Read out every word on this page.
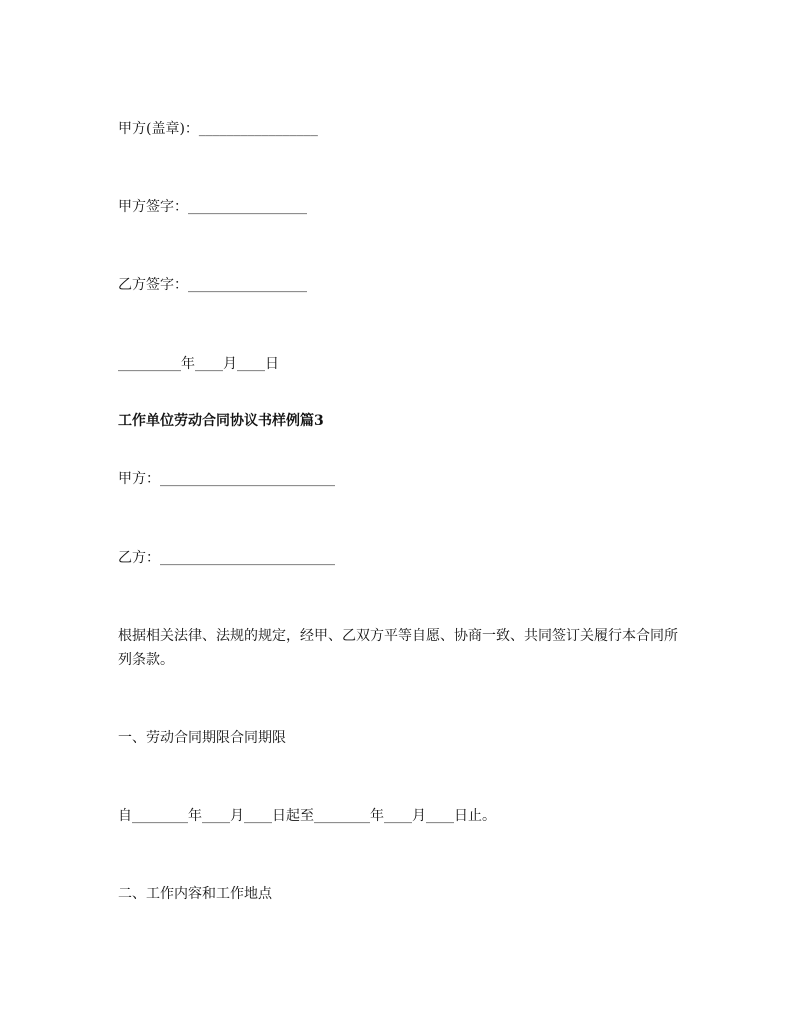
甲方(盖章)：_________________
甲方签字：_________________
乙方签字：_________________
_________年____月____日
工作单位劳动合同协议书样例篇3
甲方：_________________________
乙方：_________________________
根据相关法律、法规的规定，经甲、乙双方平等自愿、协商一致、共同签订关履行本合同所列条款。
一、劳动合同期限合同期限
自________年____月____日起至________年____月____日止。
二、工作内容和工作地点
